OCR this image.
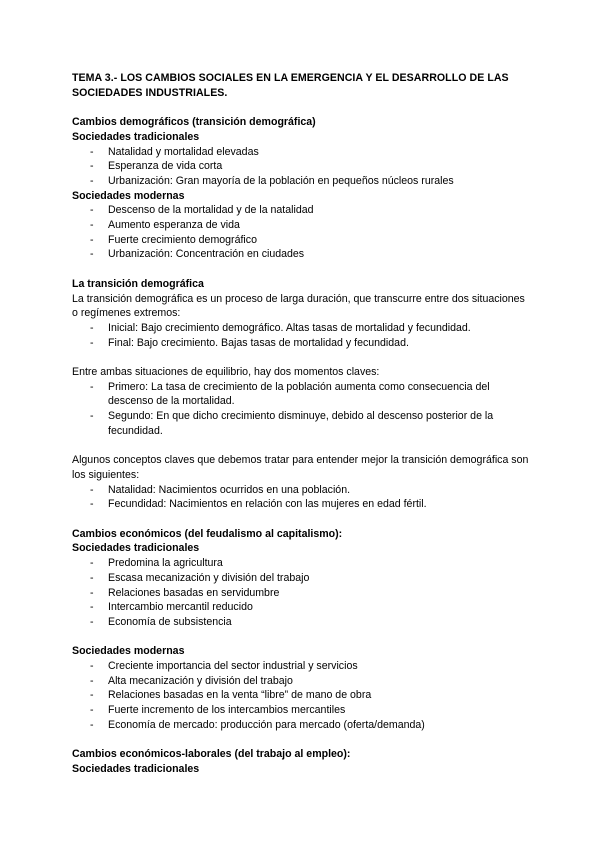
TEMA 3.- LOS CAMBIOS SOCIALES EN LA EMERGENCIA Y EL DESARROLLO DE LAS SOCIEDADES INDUSTRIALES.
Cambios demográficos (transición demográfica)
Sociedades tradicionales
- Natalidad y mortalidad elevadas
- Esperanza de vida corta
- Urbanización: Gran mayoría de la población en pequeños núcleos rurales
Sociedades modernas
- Descenso de la mortalidad y de la natalidad
- Aumento esperanza de vida
- Fuerte crecimiento demográfico
- Urbanización: Concentración en ciudades
La transición demográfica

La transición demográfica es un proceso de larga duración, que transcurre entre dos situaciones o regímenes extremos:

- Inicial: Bajo crecimiento demográfico. Altas tasas de mortalidad y fecundidad.
- Final: Bajo crecimiento. Bajas tasas de mortalidad y fecundidad.

Entre ambas situaciones de equilibrio, hay dos momentos claves:

- Primero: La tasa de crecimiento de la población aumenta como consecuencia del descenso de la mortalidad.
- Segundo: En que dicho crecimiento disminuye, debido al descenso posterior de la fecundidad.

Algunos conceptos claves que debemos tratar para entender mejor la transición demográfica son los siguientes:

- Natalidad: Nacimientos ocurridos en una población.
- Fecundidad: Nacimientos en relación con las mujeres en edad fértil.
Cambios económicos (del feudalismo al capitalismo):
Sociedades tradicionales
- Predomina la agricultura
- Escasa mecanización y división del trabajo
- Relaciones basadas en servidumbre
- Intercambio mercantil reducido
- Economía de subsistencia
Sociedades modernas
- Creciente importancia del sector industrial y servicios
- Alta mecanización y división del trabajo
- Relaciones basadas en la venta “libre” de mano de obra
- Fuerte incremento de los intercambios mercantiles
- Economía de mercado: producción para mercado (oferta/demanda)
Cambios económicos-laborales (del trabajo al empleo):
Sociedades tradicionales
